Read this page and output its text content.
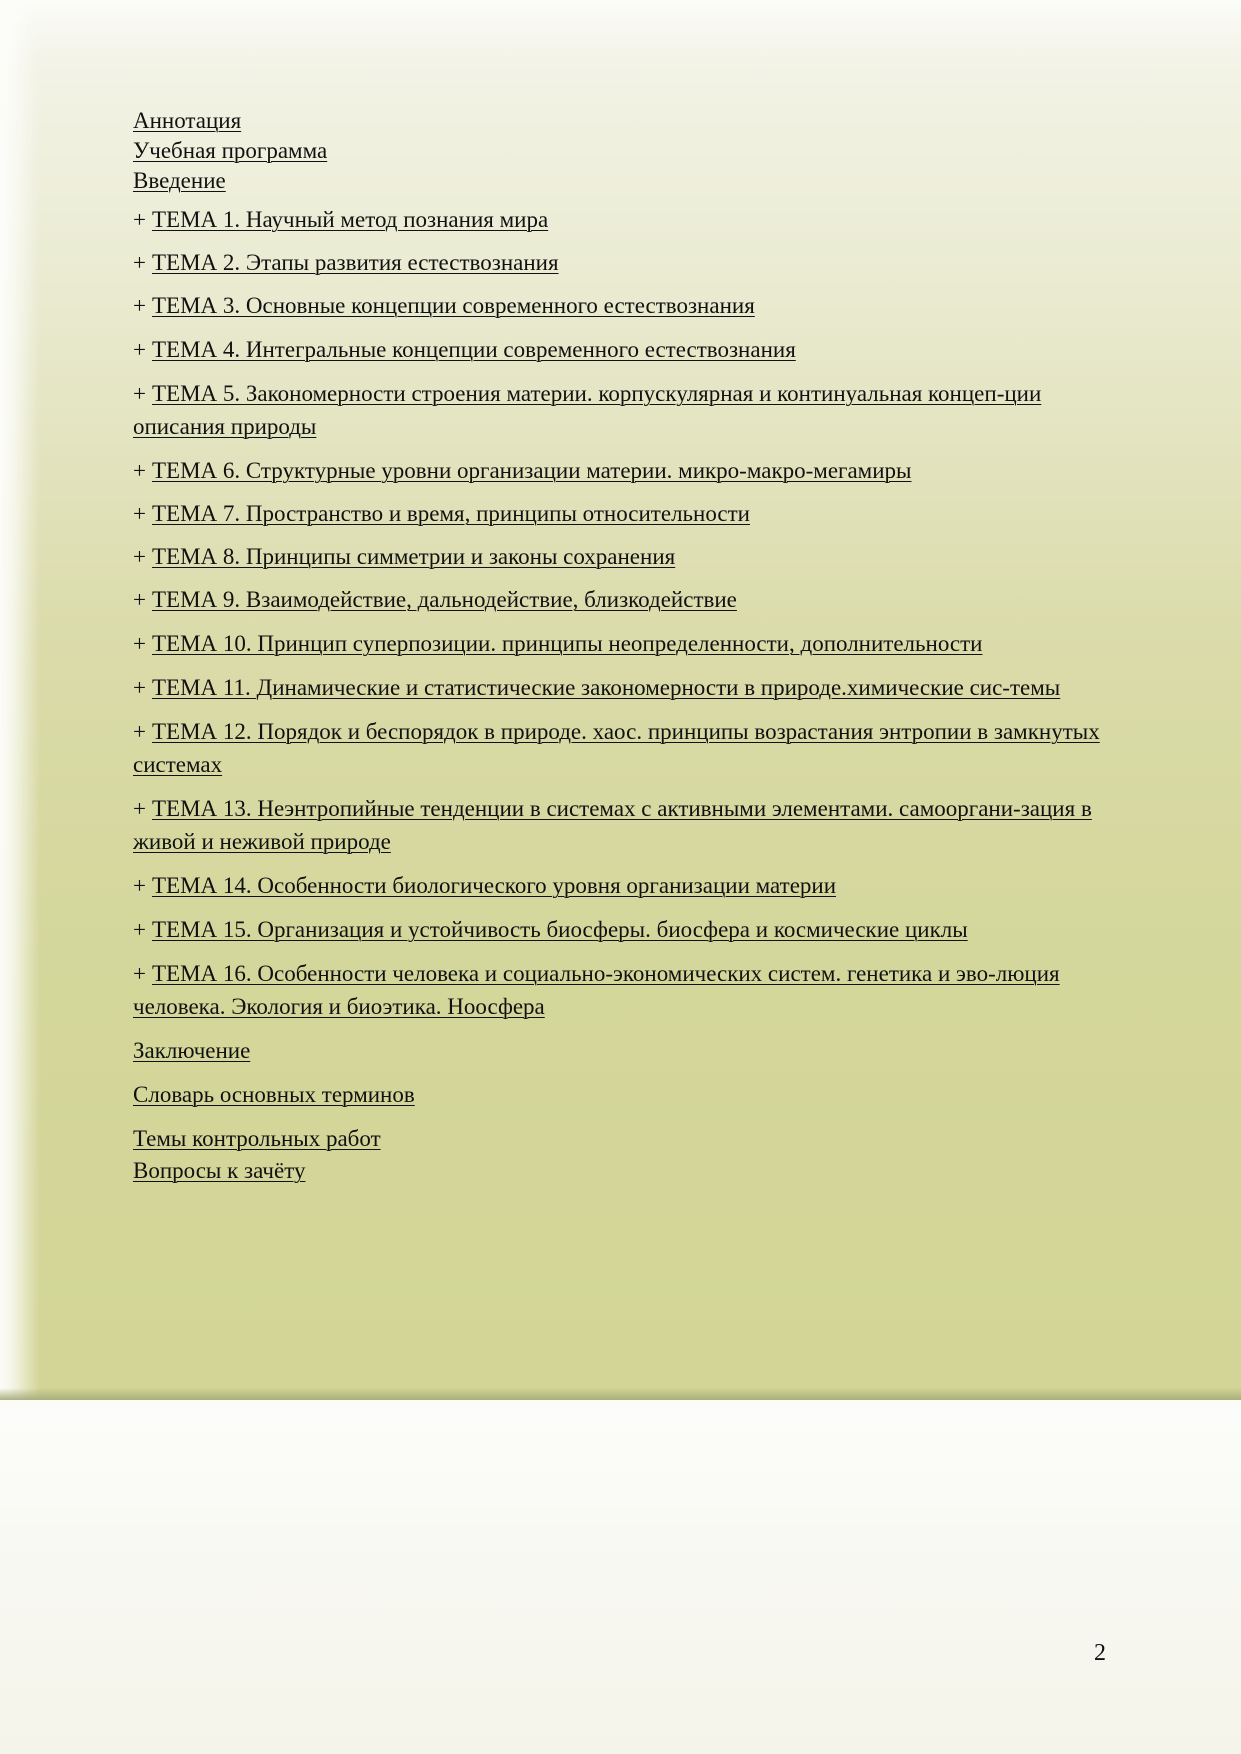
Аннотация

Учебная программа

Введение

+ ТЕМА 1. Научный метод познания мира

+ ТЕМА 2. Этапы развития естествознания

+ ТЕМА 3. Основные концепции современного естествознания

+ ТЕМА 4. Интегральные концепции современного естествознания

+ ТЕМА 5. Закономерности строения материи. корпускулярная и континуальная концеп-ции описания природы

+ ТЕМА 6. Структурные уровни организации материи. микро-макро-мегамиры

+ ТЕМА 7. Пространство и время, принципы относительности

+ ТЕМА 8. Принципы симметрии и законы сохранения

+ ТЕМА 9. Взаимодействие, дальнодействие, близкодействие

+ ТЕМА 10. Принцип суперпозиции. принципы неопределенности, дополнительности

+ ТЕМА 11. Динамические и статистические закономерности в природе.химические сис-темы

+ ТЕМА 12. Порядок и беспорядок в природе. хаос. принципы возрастания энтропии в замкнутых системах

+ ТЕМА 13. Неэнтропийные тенденции в системах с активными элементами. самооргани-зация в живой и неживой природе

+ ТЕМА 14. Особенности биологического уровня организации материи

+ ТЕМА 15. Организация и устойчивость биосферы. биосфера и космические циклы

+ ТЕМА 16. Особенности человека и социально-экономических систем. генетика и эво-люция человека. Экология и биоэтика. Ноосфера

Заключение

Словарь основных терминов

Темы контрольных работ

Вопросы к зачёту

2
